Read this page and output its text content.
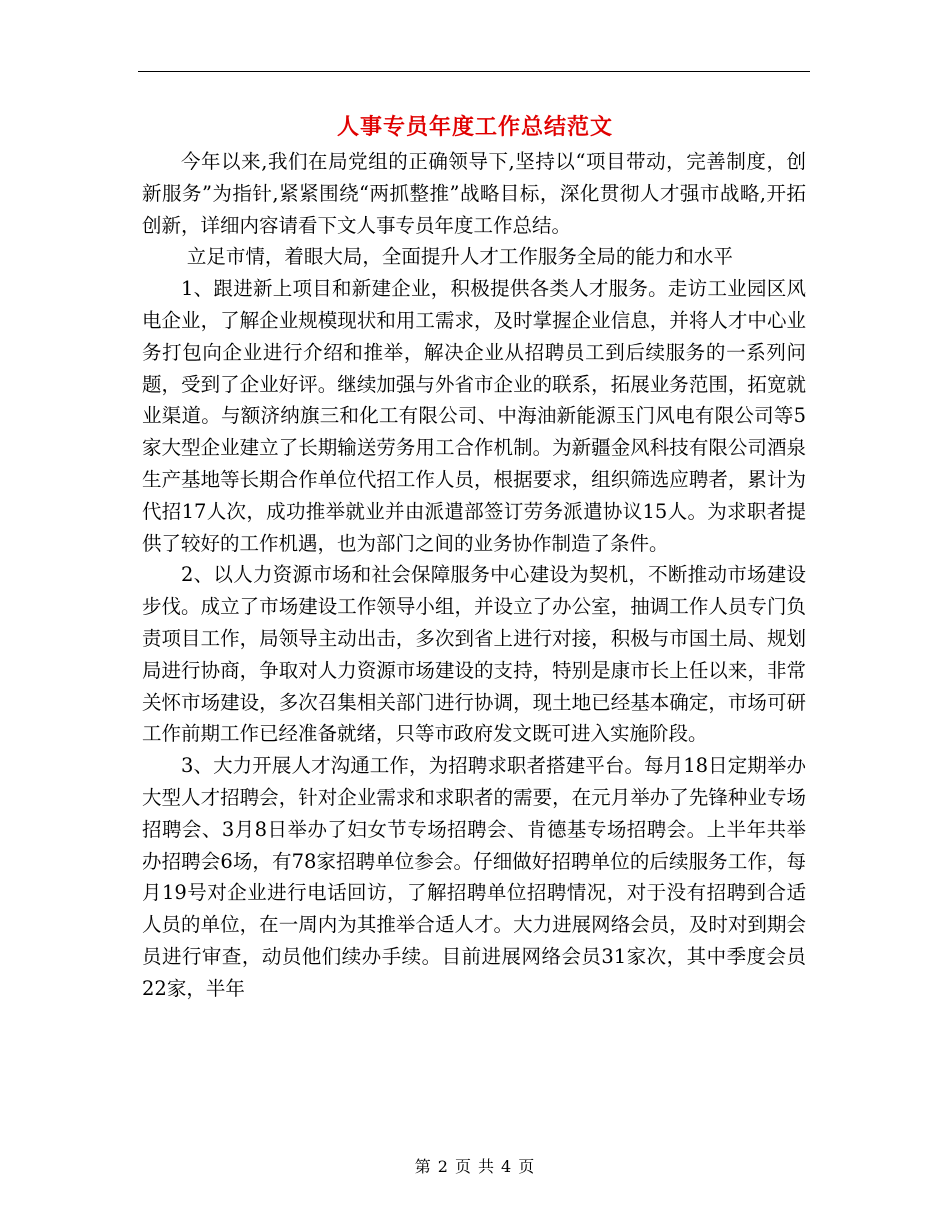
人事专员年度工作总结范文

今年以来,我们在局党组的正确领导下,坚持以“项目带动，完善制度，创新服务”为指针,紧紧围绕“两抓整推”战略目标，深化贯彻人才强市战略,开拓创新，详细内容请看下文人事专员年度工作总结。

立足市情，着眼大局，全面提升人才工作服务全局的能力和水平

1、跟进新上项目和新建企业，积极提供各类人才服务。走访工业园区风电企业，了解企业规模现状和用工需求，及时掌握企业信息，并将人才中心业务打包向企业进行介绍和推举，解决企业从招聘员工到后续服务的一系列问题，受到了企业好评。继续加强与外省市企业的联系，拓展业务范围，拓宽就业渠道。与额济纳旗三和化工有限公司、中海油新能源玉门风电有限公司等5家大型企业建立了长期输送劳务用工合作机制。为新疆金风科技有限公司酒泉生产基地等长期合作单位代招工作人员，根据要求，组织筛选应聘者，累计为代招17人次，成功推举就业并由派遣部签订劳务派遣协议15人。为求职者提供了较好的工作机遇，也为部门之间的业务协作制造了条件。

2、以人力资源市场和社会保障服务中心建设为契机，不断推动市场建设步伐。成立了市场建设工作领导小组，并设立了办公室，抽调工作人员专门负责项目工作，局领导主动出击，多次到省上进行对接，积极与市国土局、规划局进行协商，争取对人力资源市场建设的支持，特别是康市长上任以来，非常关怀市场建设，多次召集相关部门进行协调，现土地已经基本确定，市场可研工作前期工作已经准备就绪，只等市政府发文既可进入实施阶段。

3、大力开展人才沟通工作，为招聘求职者搭建平台。每月18日定期举办大型人才招聘会，针对企业需求和求职者的需要，在元月举办了先锋种业专场招聘会、3月8日举办了妇女节专场招聘会、肯德基专场招聘会。上半年共举办招聘会6场，有78家招聘单位参会。仔细做好招聘单位的后续服务工作，每月19号对企业进行电话回访，了解招聘单位招聘情况，对于没有招聘到合适人员的单位，在一周内为其推举合适人才。大力进展网络会员，及时对到期会员进行审查，动员他们续办手续。目前进展网络会员31家次，其中季度会员22家，半年

第 2 页 共 4 页
